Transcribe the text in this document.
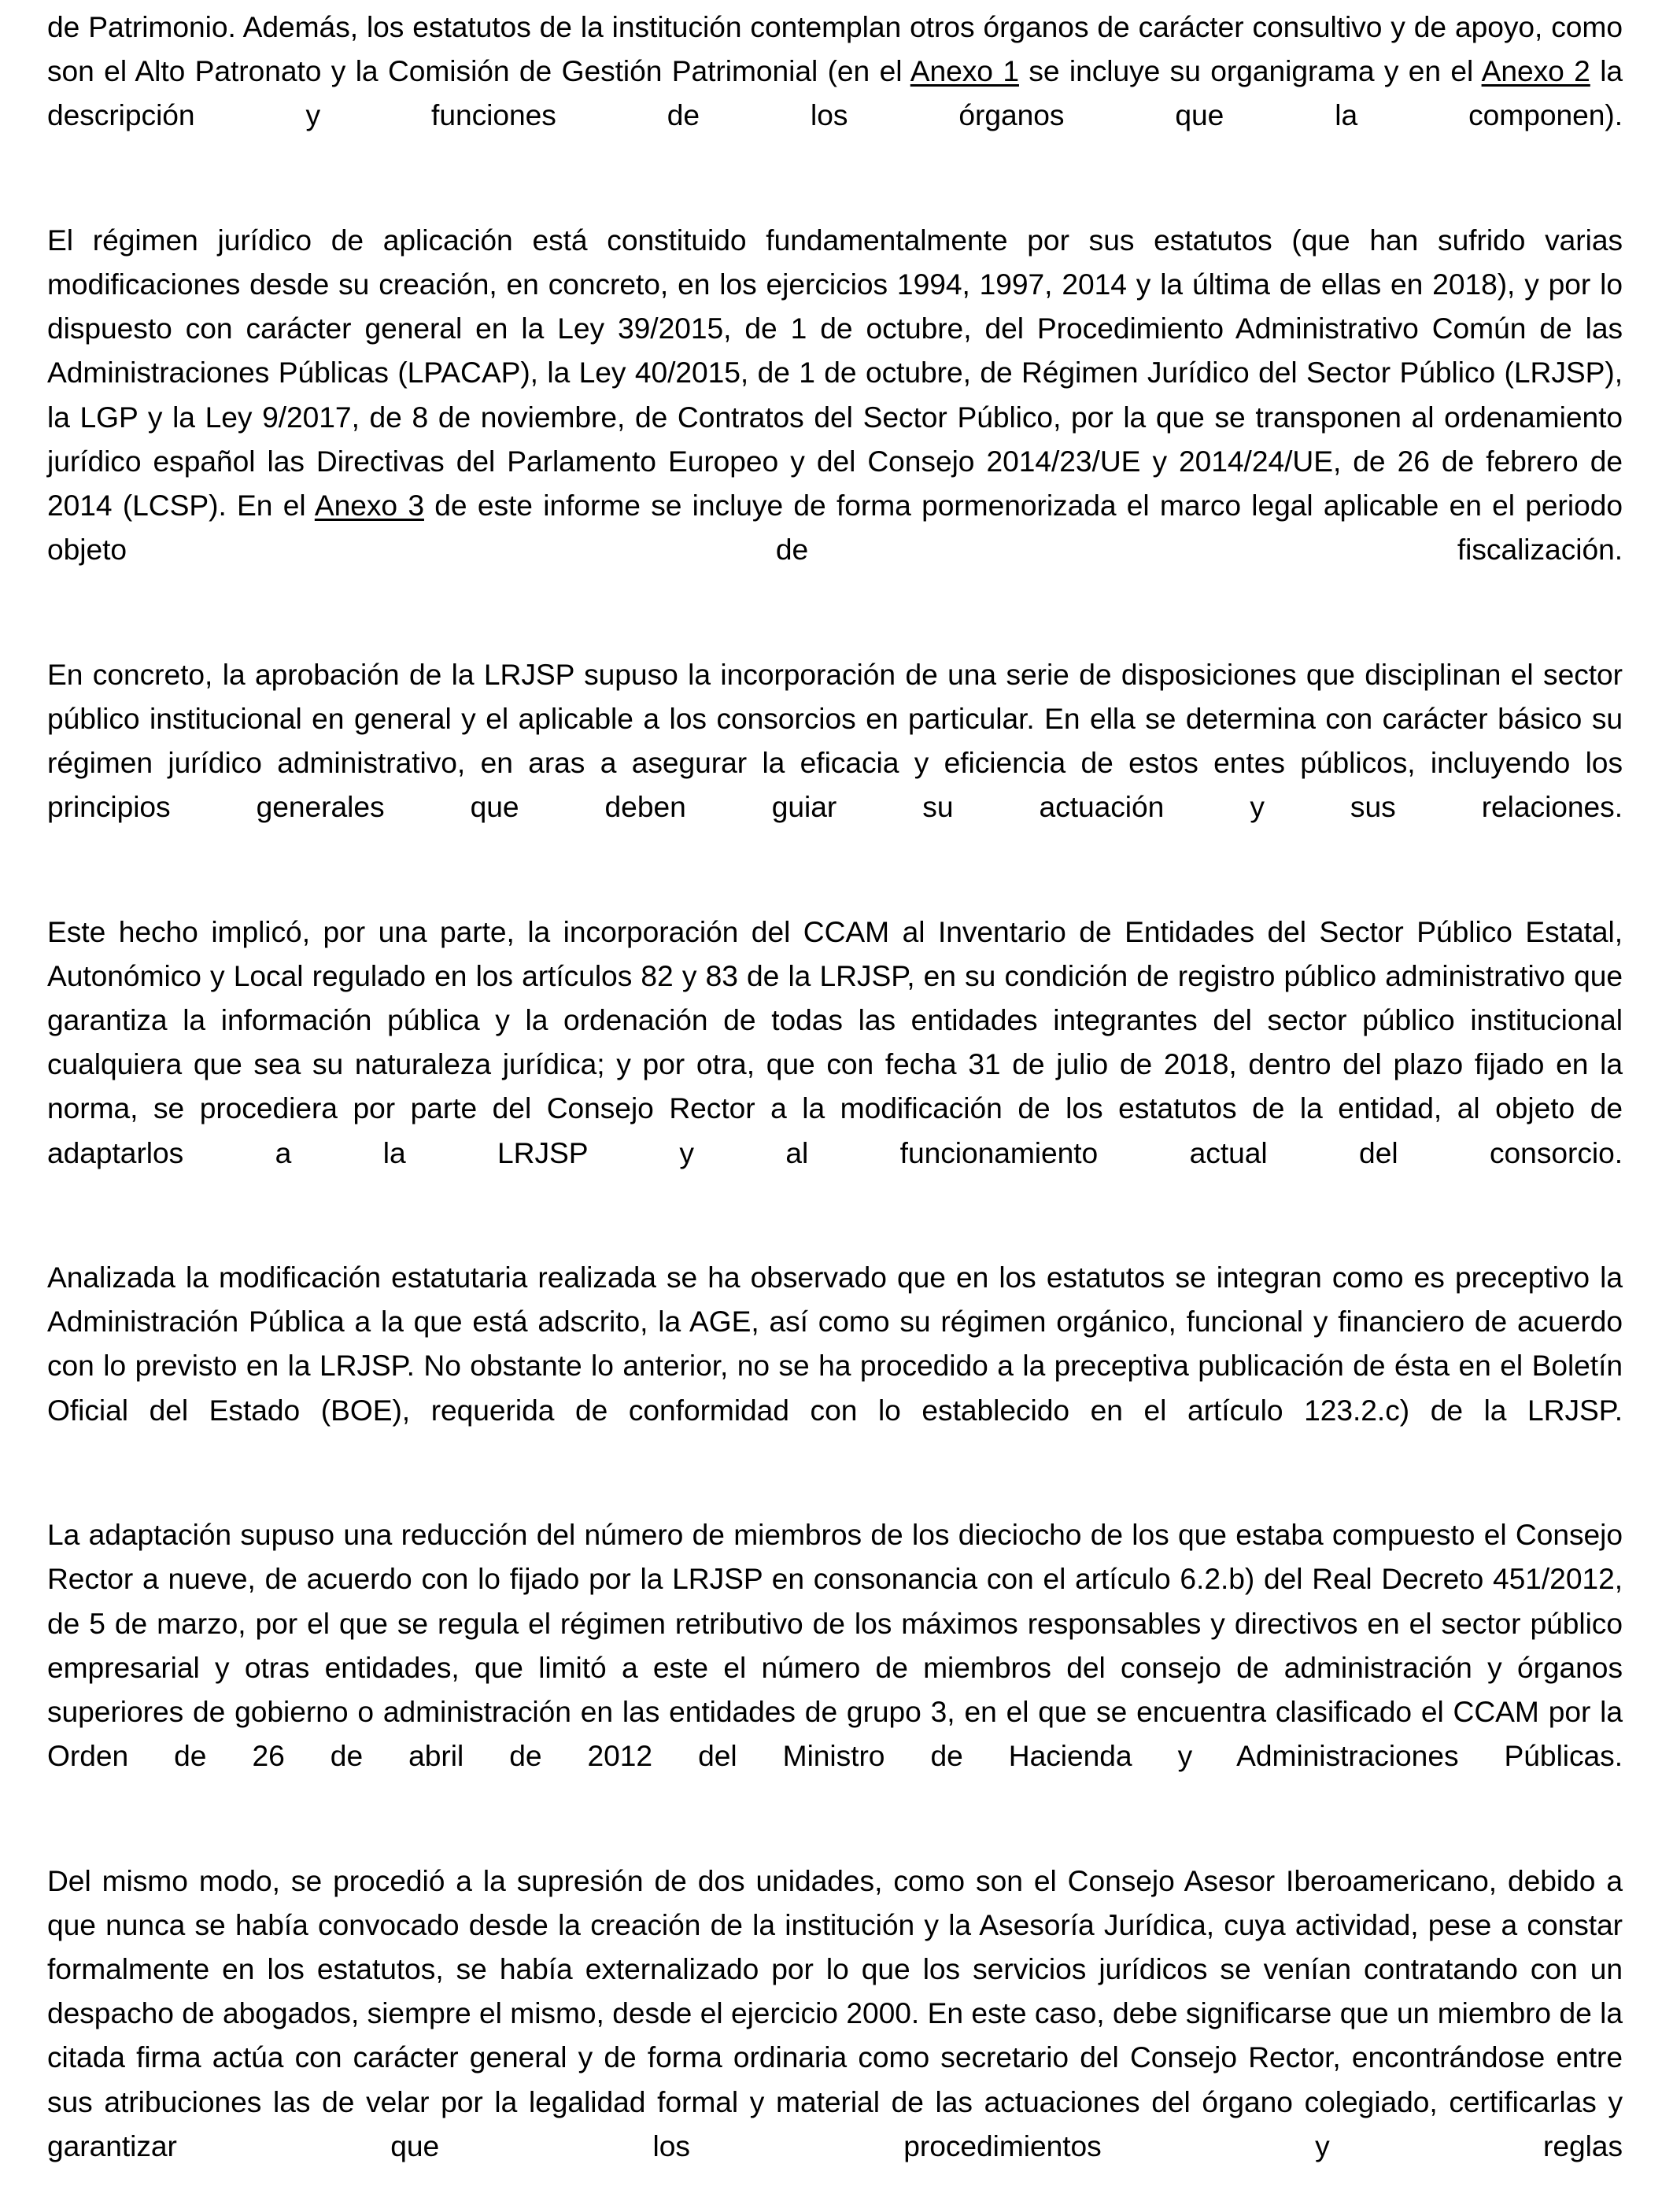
de Patrimonio. Además, los estatutos de la institución contemplan otros órganos de carácter consultivo y de apoyo, como son el Alto Patronato y la Comisión de Gestión Patrimonial (en el Anexo 1 se incluye su organigrama y en el Anexo 2 la descripción y funciones de los órganos que la componen).

El régimen jurídico de aplicación está constituido fundamentalmente por sus estatutos (que han sufrido varias modificaciones desde su creación, en concreto, en los ejercicios 1994, 1997, 2014 y la última de ellas en 2018), y por lo dispuesto con carácter general en la Ley 39/2015, de 1 de octubre, del Procedimiento Administrativo Común de las Administraciones Públicas (LPACAP), la Ley 40/2015, de 1 de octubre, de Régimen Jurídico del Sector Público (LRJSP), la LGP y la Ley 9/2017, de 8 de noviembre, de Contratos del Sector Público, por la que se transponen al ordenamiento jurídico español las Directivas del Parlamento Europeo y del Consejo 2014/23/UE y 2014/24/UE, de 26 de febrero de 2014 (LCSP). En el Anexo 3 de este informe se incluye de forma pormenorizada el marco legal aplicable en el periodo objeto de fiscalización.

En concreto, la aprobación de la LRJSP supuso la incorporación de una serie de disposiciones que disciplinan el sector público institucional en general y el aplicable a los consorcios en particular. En ella se determina con carácter básico su régimen jurídico administrativo, en aras a asegurar la eficacia y eficiencia de estos entes públicos, incluyendo los principios generales que deben guiar su actuación y sus relaciones.

Este hecho implicó, por una parte, la incorporación del CCAM al Inventario de Entidades del Sector Público Estatal, Autonómico y Local regulado en los artículos 82 y 83 de la LRJSP, en su condición de registro público administrativo que garantiza la información pública y la ordenación de todas las entidades integrantes del sector público institucional cualquiera que sea su naturaleza jurídica; y por otra, que con fecha 31 de julio de 2018, dentro del plazo fijado en la norma, se procediera por parte del Consejo Rector a la modificación de los estatutos de la entidad, al objeto de adaptarlos a la LRJSP y al funcionamiento actual del consorcio.

Analizada la modificación estatutaria realizada se ha observado que en los estatutos se integran como es preceptivo la Administración Pública a la que está adscrito, la AGE, así como su régimen orgánico, funcional y financiero de acuerdo con lo previsto en la LRJSP. No obstante lo anterior, no se ha procedido a la preceptiva publicación de ésta en el Boletín Oficial del Estado (BOE), requerida de conformidad con lo establecido en el artículo 123.2.c) de la LRJSP.

La adaptación supuso una reducción del número de miembros de los dieciocho de los que estaba compuesto el Consejo Rector a nueve, de acuerdo con lo fijado por la LRJSP en consonancia con el artículo 6.2.b) del Real Decreto 451/2012, de 5 de marzo, por el que se regula el régimen retributivo de los máximos responsables y directivos en el sector público empresarial y otras entidades, que limitó a este el número de miembros del consejo de administración y órganos superiores de gobierno o administración en las entidades de grupo 3, en el que se encuentra clasificado el CCAM por la Orden de 26 de abril de 2012 del Ministro de Hacienda y Administraciones Públicas.

Del mismo modo, se procedió a la supresión de dos unidades, como son el Consejo Asesor Iberoamericano, debido a que nunca se había convocado desde la creación de la institución y la Asesoría Jurídica, cuya actividad, pese a constar formalmente en los estatutos, se había externalizado por lo que los servicios jurídicos se venían contratando con un despacho de abogados, siempre el mismo, desde el ejercicio 2000. En este caso, debe significarse que un miembro de la citada firma actúa con carácter general y de forma ordinaria como secretario del Consejo Rector, encontrándose entre sus atribuciones las de velar por la legalidad formal y material de las actuaciones del órgano colegiado, certificarlas y garantizar que los procedimientos y reglas
